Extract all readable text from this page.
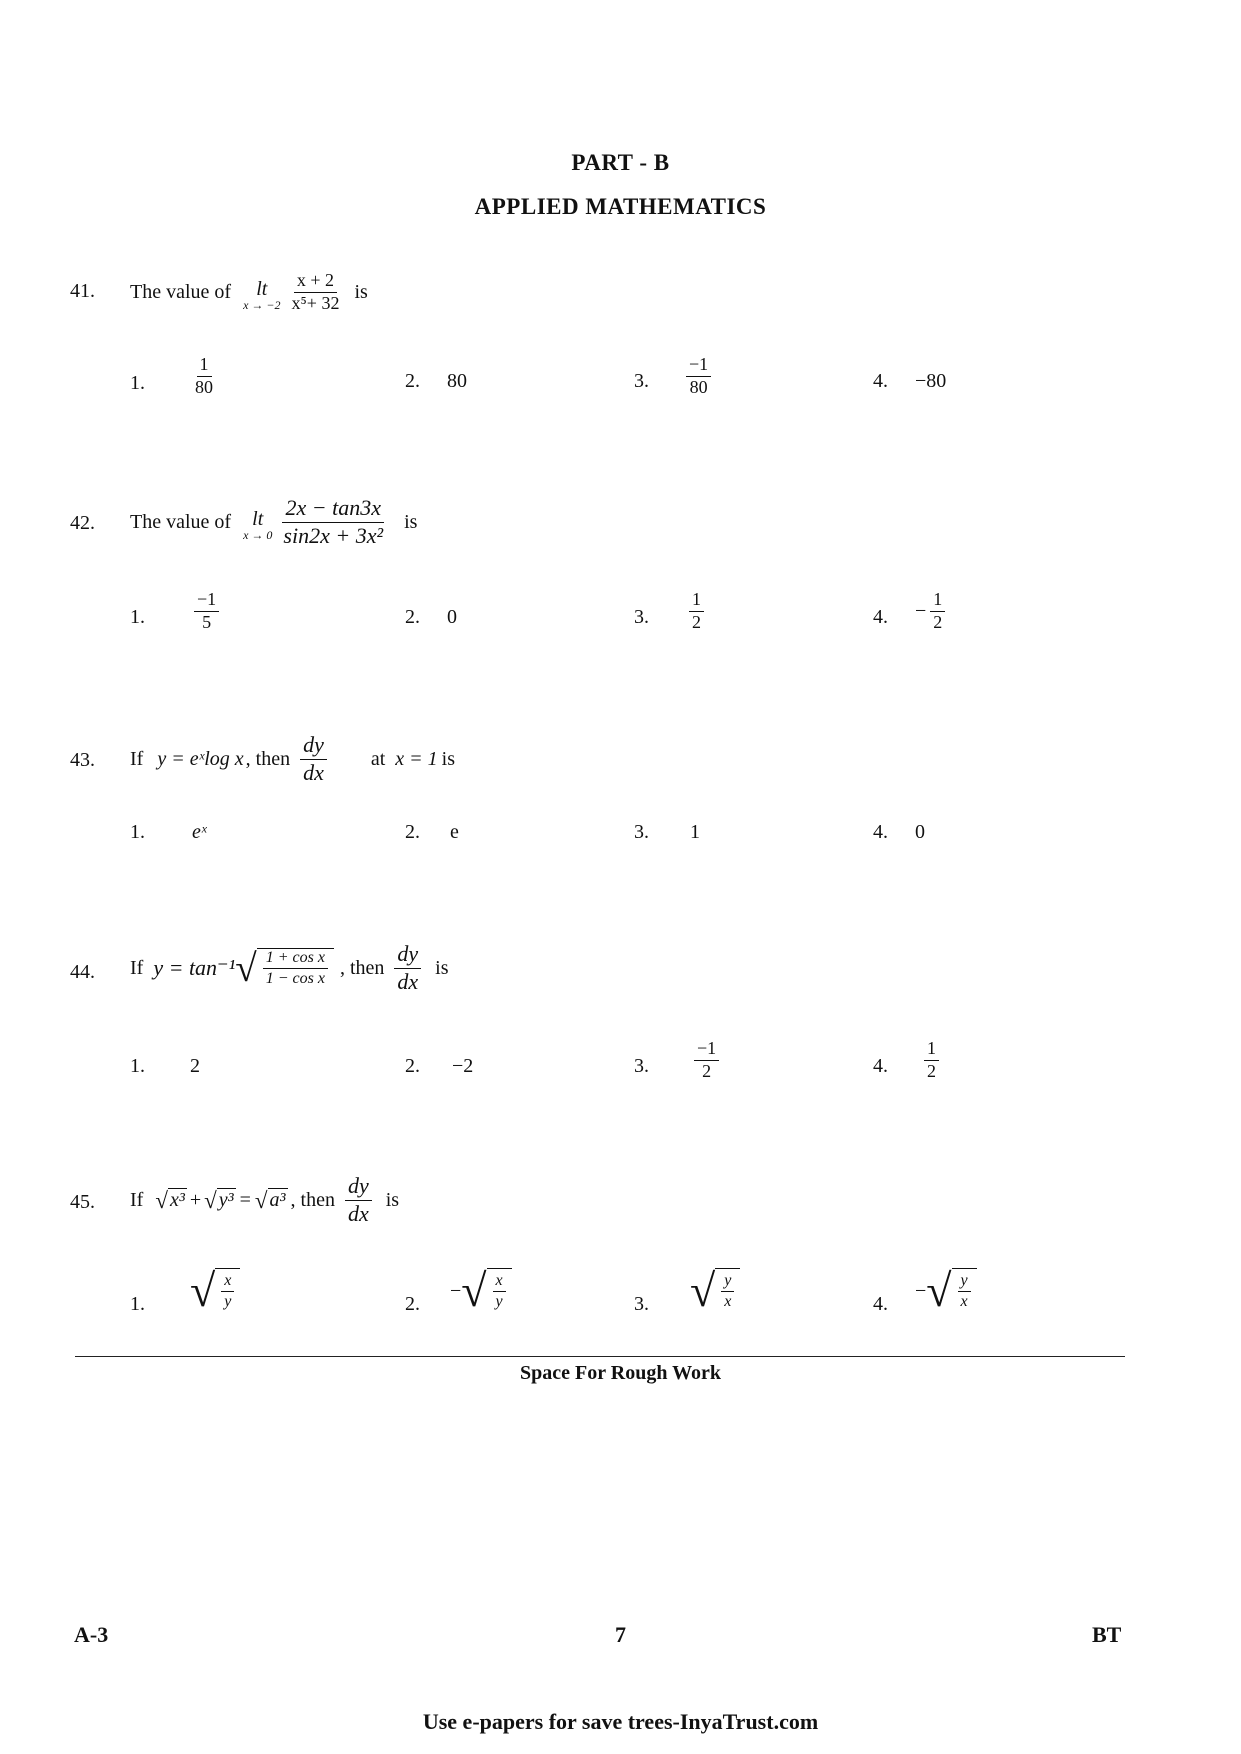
PART - B
APPLIED MATHEMATICS
41. The value of lt
$x \to -2 \frac{x + 2}{\text{x⁵+ 32}}$ is
1.	$\frac{1}{80}$	2. 80	3. $\frac{-1}{80}$	4. −80
42. The value of lt
$x \to 0 \frac{2x - \tan 3x}{\text{sin2x + 3x²}}$ is
1.	$\frac{-1}{5}$	2. 0	3. $\frac{1}{2}$	4. − $\frac{1}{2}$
43. If y = eˣlog x , then $\frac{dy}{dx}$ at x = 1 is
1. eˣ	2. e	3. 1	4. 0
44. If y = tan⁻¹ √ $\frac{\text{1 + cos x}}{\text{1 − cos x}}$ , then $\frac{dy}{dx}$ is
1. 2	2. −2	3.	$\frac{-1}{2}$	4. $\frac{1}{2}$
45. If √ x³ + √ y³ = √ a³ , then $\frac{dy}{dx}$ is
1. √ $\frac{x}{y}$	2.
− √ $\frac{x}{y}$	3. √ $\frac{y}{x}$	4.
− √ $\frac{y}{x}$
Space For Rough Work
A-3	7	BT
Use e-papers for save trees-InyaTrust.com
